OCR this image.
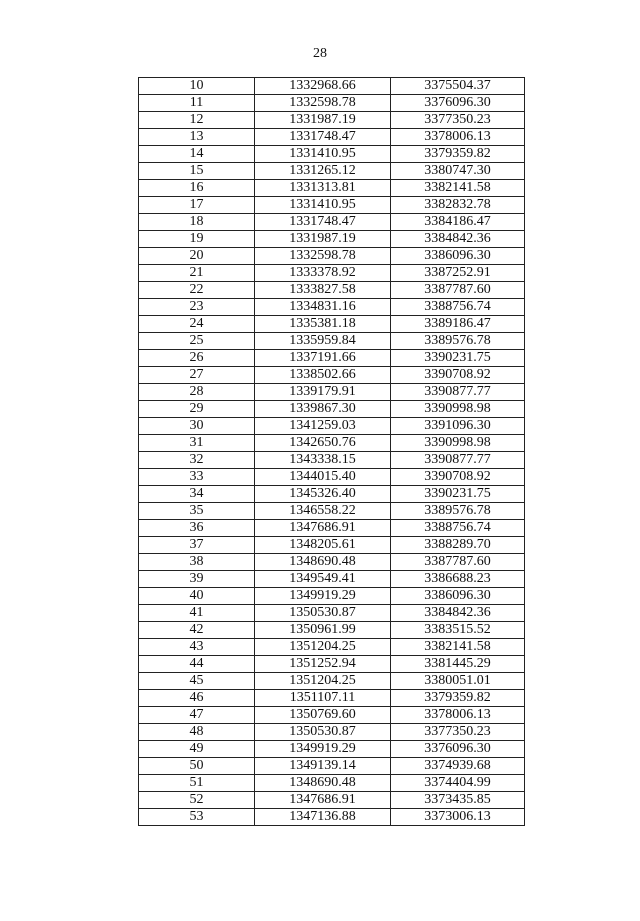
28
10	1332968.66	3375504.37
11	1332598.78	3376096.30
12	1331987.19	3377350.23
13	1331748.47	3378006.13
14	1331410.95	3379359.82
15	1331265.12	3380747.30
16	1331313.81	3382141.58
17	1331410.95	3382832.78
18	1331748.47	3384186.47
19	1331987.19	3384842.36
20	1332598.78	3386096.30
21	1333378.92	3387252.91
22	1333827.58	3387787.60
23	1334831.16	3388756.74
24	1335381.18	3389186.47
25	1335959.84	3389576.78
26	1337191.66	3390231.75
27	1338502.66	3390708.92
28	1339179.91	3390877.77
29	1339867.30	3390998.98
30	1341259.03	3391096.30
31	1342650.76	3390998.98
32	1343338.15	3390877.77
33	1344015.40	3390708.92
34	1345326.40	3390231.75
35	1346558.22	3389576.78
36	1347686.91	3388756.74
37	1348205.61	3388289.70
38	1348690.48	3387787.60
39	1349549.41	3386688.23
40	1349919.29	3386096.30
41	1350530.87	3384842.36
42	1350961.99	3383515.52
43	1351204.25	3382141.58
44	1351252.94	3381445.29
45	1351204.25	3380051.01
46	1351107.11	3379359.82
47	1350769.60	3378006.13
48	1350530.87	3377350.23
49	1349919.29	3376096.30
50	1349139.14	3374939.68
51	1348690.48	3374404.99
52	1347686.91	3373435.85
53	1347136.88	3373006.13
